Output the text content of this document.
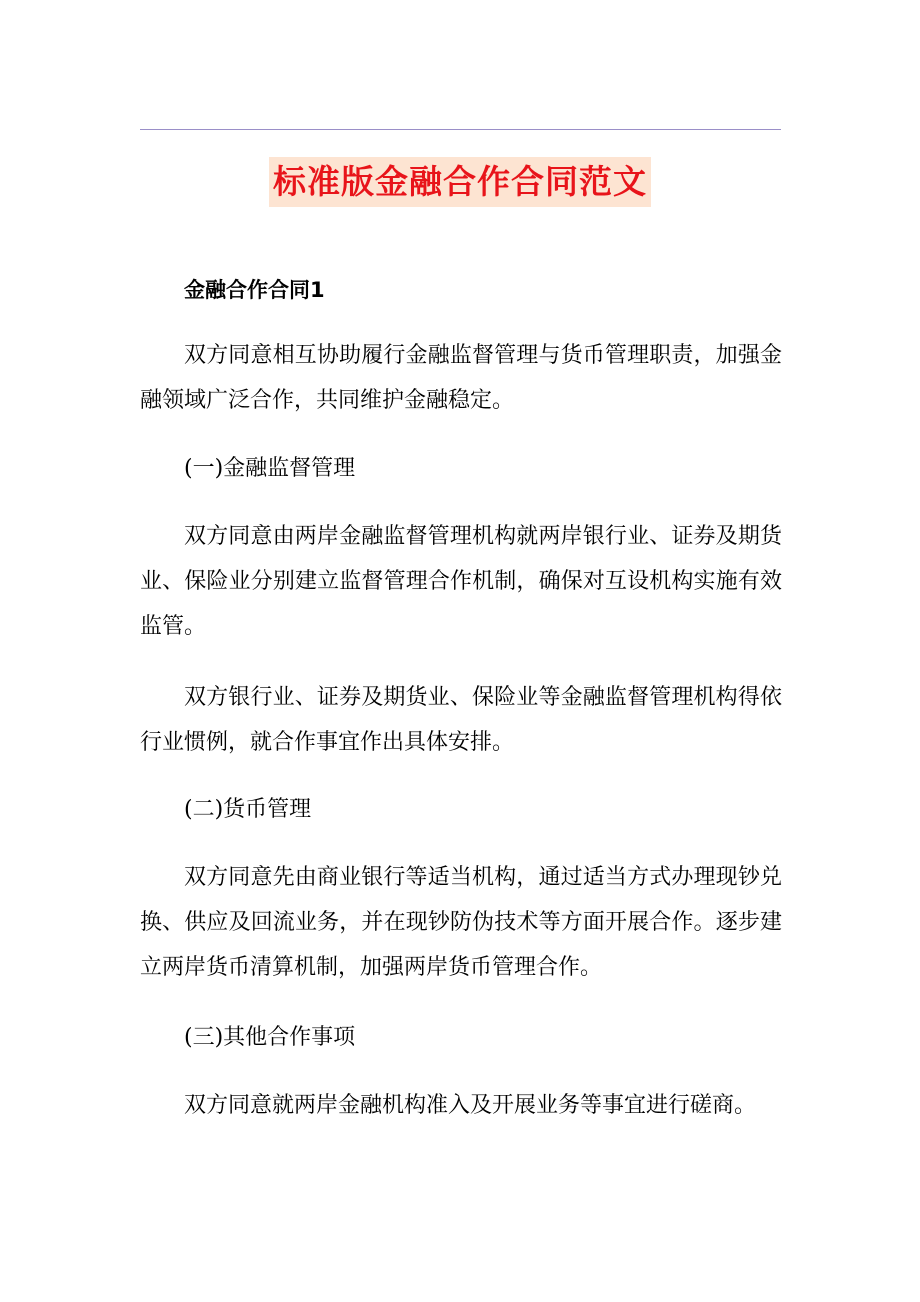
标准版金融合作合同范文

金融合作合同1

双方同意相互协助履行金融监督管理与货币管理职责，加强金融领域广泛合作，共同维护金融稳定。

(一)金融监督管理

双方同意由两岸金融监督管理机构就两岸银行业、证券及期货业、保险业分别建立监督管理合作机制，确保对互设机构实施有效监管。

双方银行业、证券及期货业、保险业等金融监督管理机构得依行业惯例，就合作事宜作出具体安排。

(二)货币管理

双方同意先由商业银行等适当机构，通过适当方式办理现钞兑换、供应及回流业务，并在现钞防伪技术等方面开展合作。逐步建立两岸货币清算机制，加强两岸货币管理合作。

(三)其他合作事项

双方同意就两岸金融机构准入及开展业务等事宜进行磋商。
